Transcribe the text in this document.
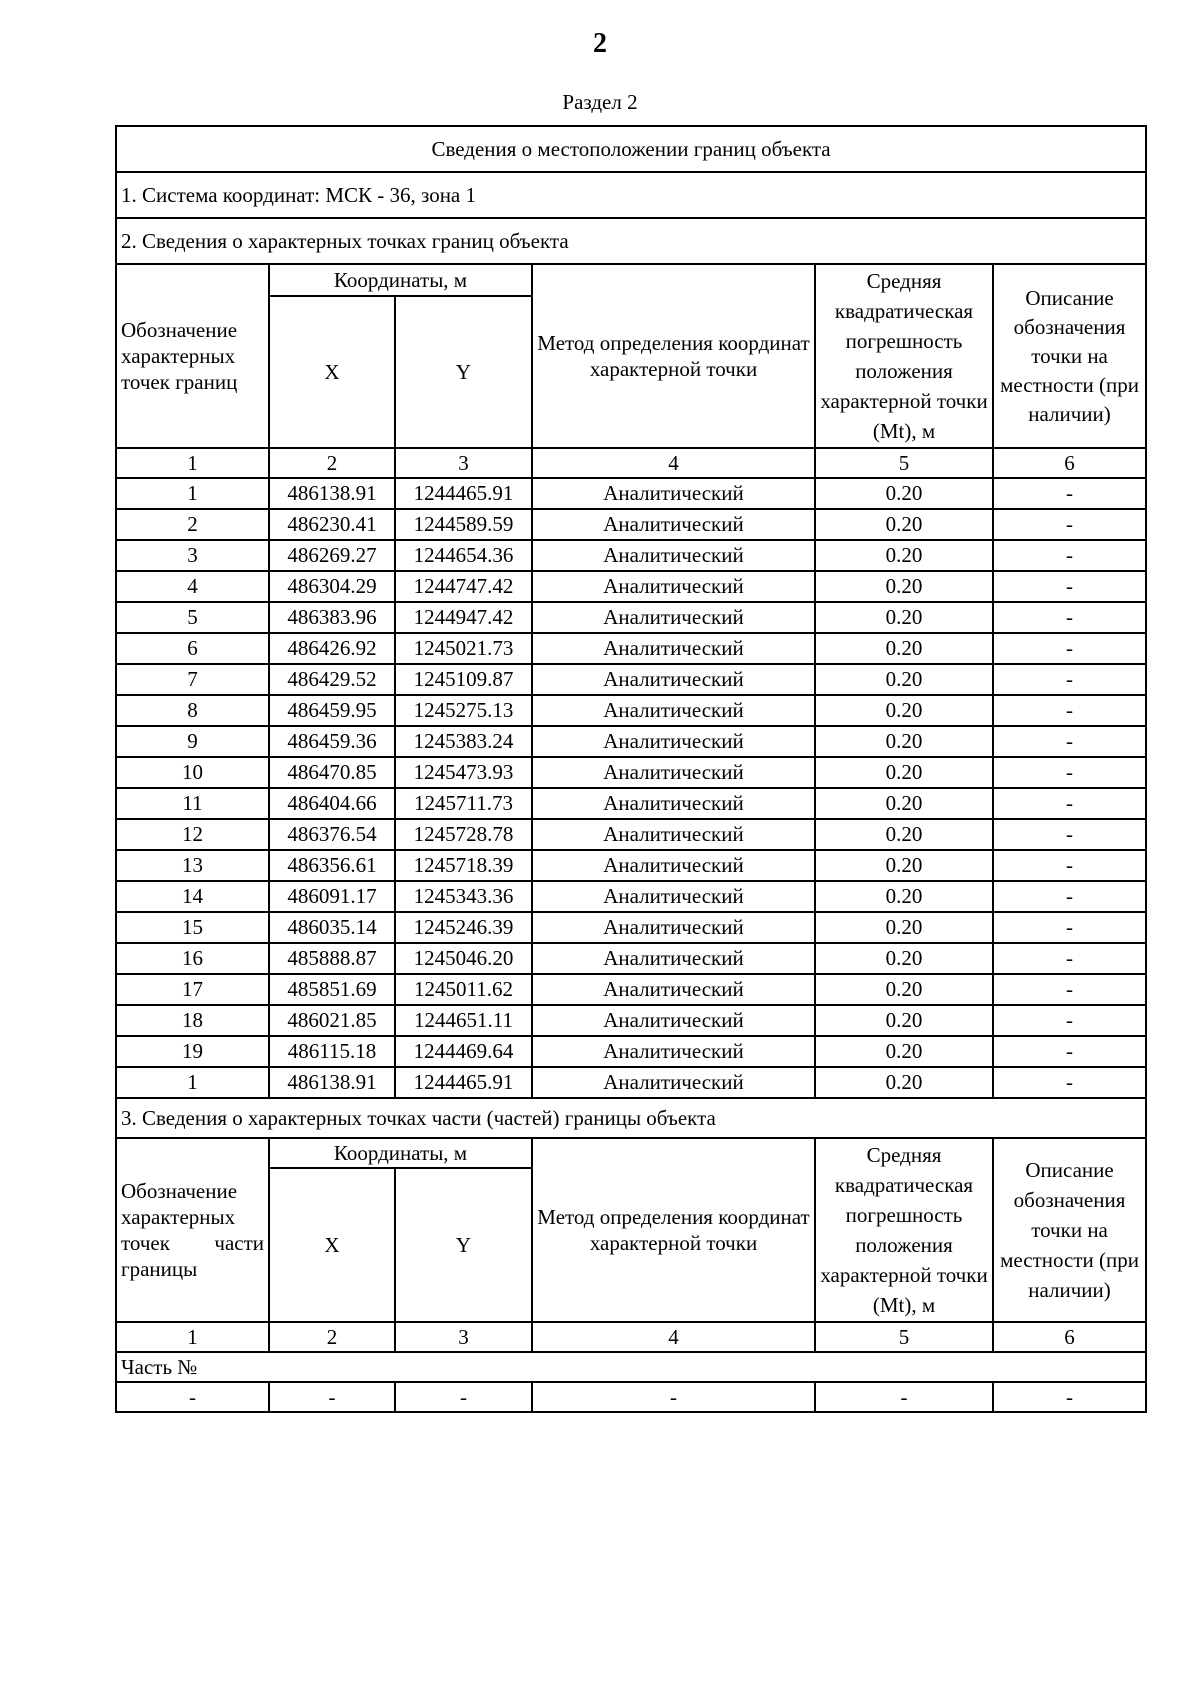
2
Раздел 2
Сведения о местоположении границ объекта					
1. Система координат: МСК - 36, зона 1					
2. Сведения о характерных точках границ объекта					
Обозначение характерных точек границ	Координаты, м		Метод определения координат характерной точки	Средняя квадратическая погрешность положения характерной точки (Mt), м	Описание обозначения точки на местности (при наличии)
	X	Y			
1	2	3	4	5	6
1	486138.91	1244465.91	Аналитический	0.20	-
2	486230.41	1244589.59	Аналитический	0.20	-
3	486269.27	1244654.36	Аналитический	0.20	-
4	486304.29	1244747.42	Аналитический	0.20	-
5	486383.96	1244947.42	Аналитический	0.20	-
6	486426.92	1245021.73	Аналитический	0.20	-
7	486429.52	1245109.87	Аналитический	0.20	-
8	486459.95	1245275.13	Аналитический	0.20	-
9	486459.36	1245383.24	Аналитический	0.20	-
10	486470.85	1245473.93	Аналитический	0.20	-
11	486404.66	1245711.73	Аналитический	0.20	-
12	486376.54	1245728.78	Аналитический	0.20	-
13	486356.61	1245718.39	Аналитический	0.20	-
14	486091.17	1245343.36	Аналитический	0.20	-
15	486035.14	1245246.39	Аналитический	0.20	-
16	485888.87	1245046.20	Аналитический	0.20	-
17	485851.69	1245011.62	Аналитический	0.20	-
18	486021.85	1244651.11	Аналитический	0.20	-
19	486115.18	1244469.64	Аналитический	0.20	-
1	486138.91	1244465.91	Аналитический	0.20	-
3. Сведения о характерных точках части (частей) границы объекта					
Обозначение характерных точек части границы	Координаты, м		Метод определения координат характерной точки	Средняя квадратическая погрешность положения характерной точки (Mt), м	Описание обозначения точки на местности (при наличии)
	X	Y			
1	2	3	4	5	6
Часть №					
-	-	-	-	-	-
